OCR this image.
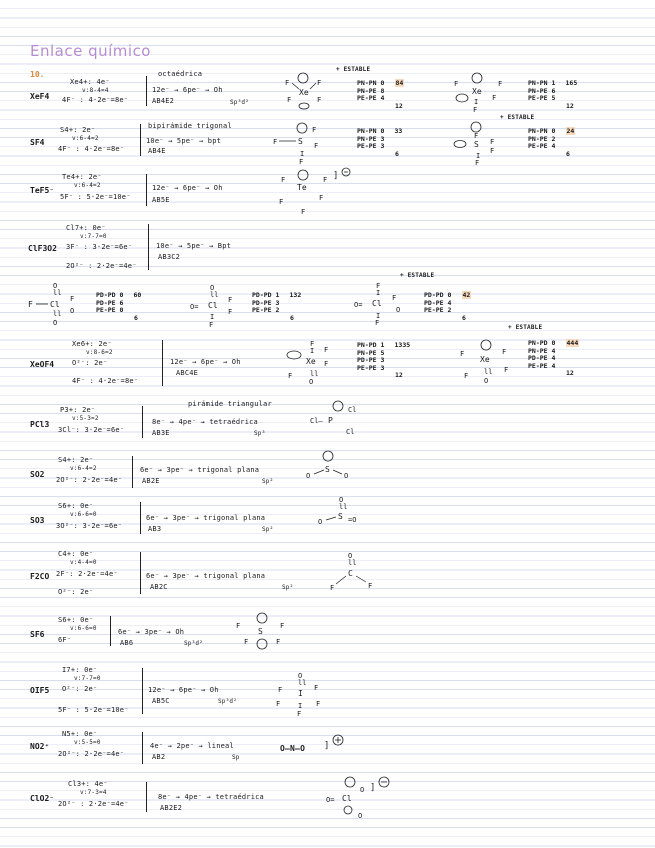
Enlace químico
10.
XeF4
Xe4+: 4e⁻
v:8-4=4
4F⁻ : 4·2e⁻=8e⁻
octaédrica
12e⁻ → 6pe⁻ → Oh
AB4E2	Sp³d²
F	F
Xe
F	F
+ ESTABLE
PN-PN 0 84
PN-PE 8
PE-PE 4
12
F	F
Xe
I
F
F
PN-PN 1 165
PN-PE 6
PE-PE 5
12
SF4
S4+: 2e⁻
v:6-4=2
4F⁻ : 4·2e⁻=8e⁻
bipirámide trigonal
10e⁻ → 5pe⁻ → bpt
AB4E
F
F	S F
I
F
PN-PN 0 33
PN-PE 3
PE-PE 3
6
+ ESTABLE
F
S F
F
I
F
PN-PN 0 24
PN-PE 2
PE-PE 4
6
TeF5⁻
Te4+: 2e⁻
v:6-4=2
5F⁻ : 5·2e⁻=10e⁻
12e⁻ → 6pe⁻ → Oh
AB5E
F	F
Te
]
F	F
F
ClF3O2
Cl7+: 0e⁻
v:7-7=0
3F⁻ : 3·2e⁻=6e⁻
2O²⁻ : 2·2e⁻=4e⁻
10e⁻ → 5pe⁻ → Bpt
AB3C2
O
ll
F Cl
F
O
ll
O
PD-PD 0 60
PD-PE 6
PE-PE 0
6
O
ll
O= Cl
F
F
I
F
PD-PD 1 132
PD-PE 3
PE-PE 2
6
+ ESTABLE
F
I
O= Cl
F
O
I
F
PD-PD 0 42
PD-PE 4
PE-PE 2
6
XeOF4
Xe6+: 2e⁻
v:8-6=2
O²⁻: 2e⁻
4F⁻ : 4·2e⁻=8e⁻
12e⁻ → 6pe⁻ → Oh
ABC4E
F
I F
Xe F
F	ll
O
PN-PD 1 1335
PN-PE 5
PD-PE 3
PE-PE 3
12
+ ESTABLE
F	F
Xe
F
F
ll
O
PN-PD 0 444
PN-PE 4
PD-PE 4
PE-PE 4
12
PCl3
P3+: 2e⁻
v:5-3=2
3Cl⁻: 3·2e⁻=6e⁻
pirámide triangular
8e⁻ → 4pe⁻ → tetraédrica
AB3E	Sp³
Cl– P
Cl
Cl
SO2
S4+: 2e⁻
v:6-4=2
2O²⁻: 2·2e⁻=4e⁻
6e⁻ → 3pe⁻ → trigonal plana
AB2E	Sp²
O
S
O
SO3
S6+: 0e⁻
v:6-6=0
3O²⁻: 3·2e⁻=6e⁻
6e⁻ → 3pe⁻ → trigonal plana
AB3	Sp²
O
ll
O
S =O
F2CO
C4+: 0e⁻
v:4-4=0
2F⁻: 2·2e⁻=4e⁻
O²⁻: 2e⁻
6e⁻ → 3pe⁻ → trigonal plana
AB2C	Sp²
O
ll
C
F	F
SF6
S6+: 0e⁻
v:6-6=0
6F⁻
6e⁻ → 3pe⁻ → Oh
AB6	Sp³d²
F	F
S
F	F
OIF5
I7+: 0e⁻
v:7-7=0
O²⁻: 2e⁻
5F⁻ : 5·2e⁻=10e⁻
12e⁻ → 6pe⁻ → Oh
AB5C	Sp³d²
O
ll
F	F
I
F	F
I
F
NO2⁺
N5+: 0e⁻
v:5-5=0
2O²⁻: 2·2e⁻=4e⁻
4e⁻ → 2pe⁻ → lineal
AB2	Sp
O–N–O ]
ClO2⁻
Cl3+: 4e⁻
v:7-3=4
2O²⁻ : 2·2e⁻=4e⁻
8e⁻ → 4pe⁻ → tetraédrica
AB2E2
O= Cl
O ]
O
